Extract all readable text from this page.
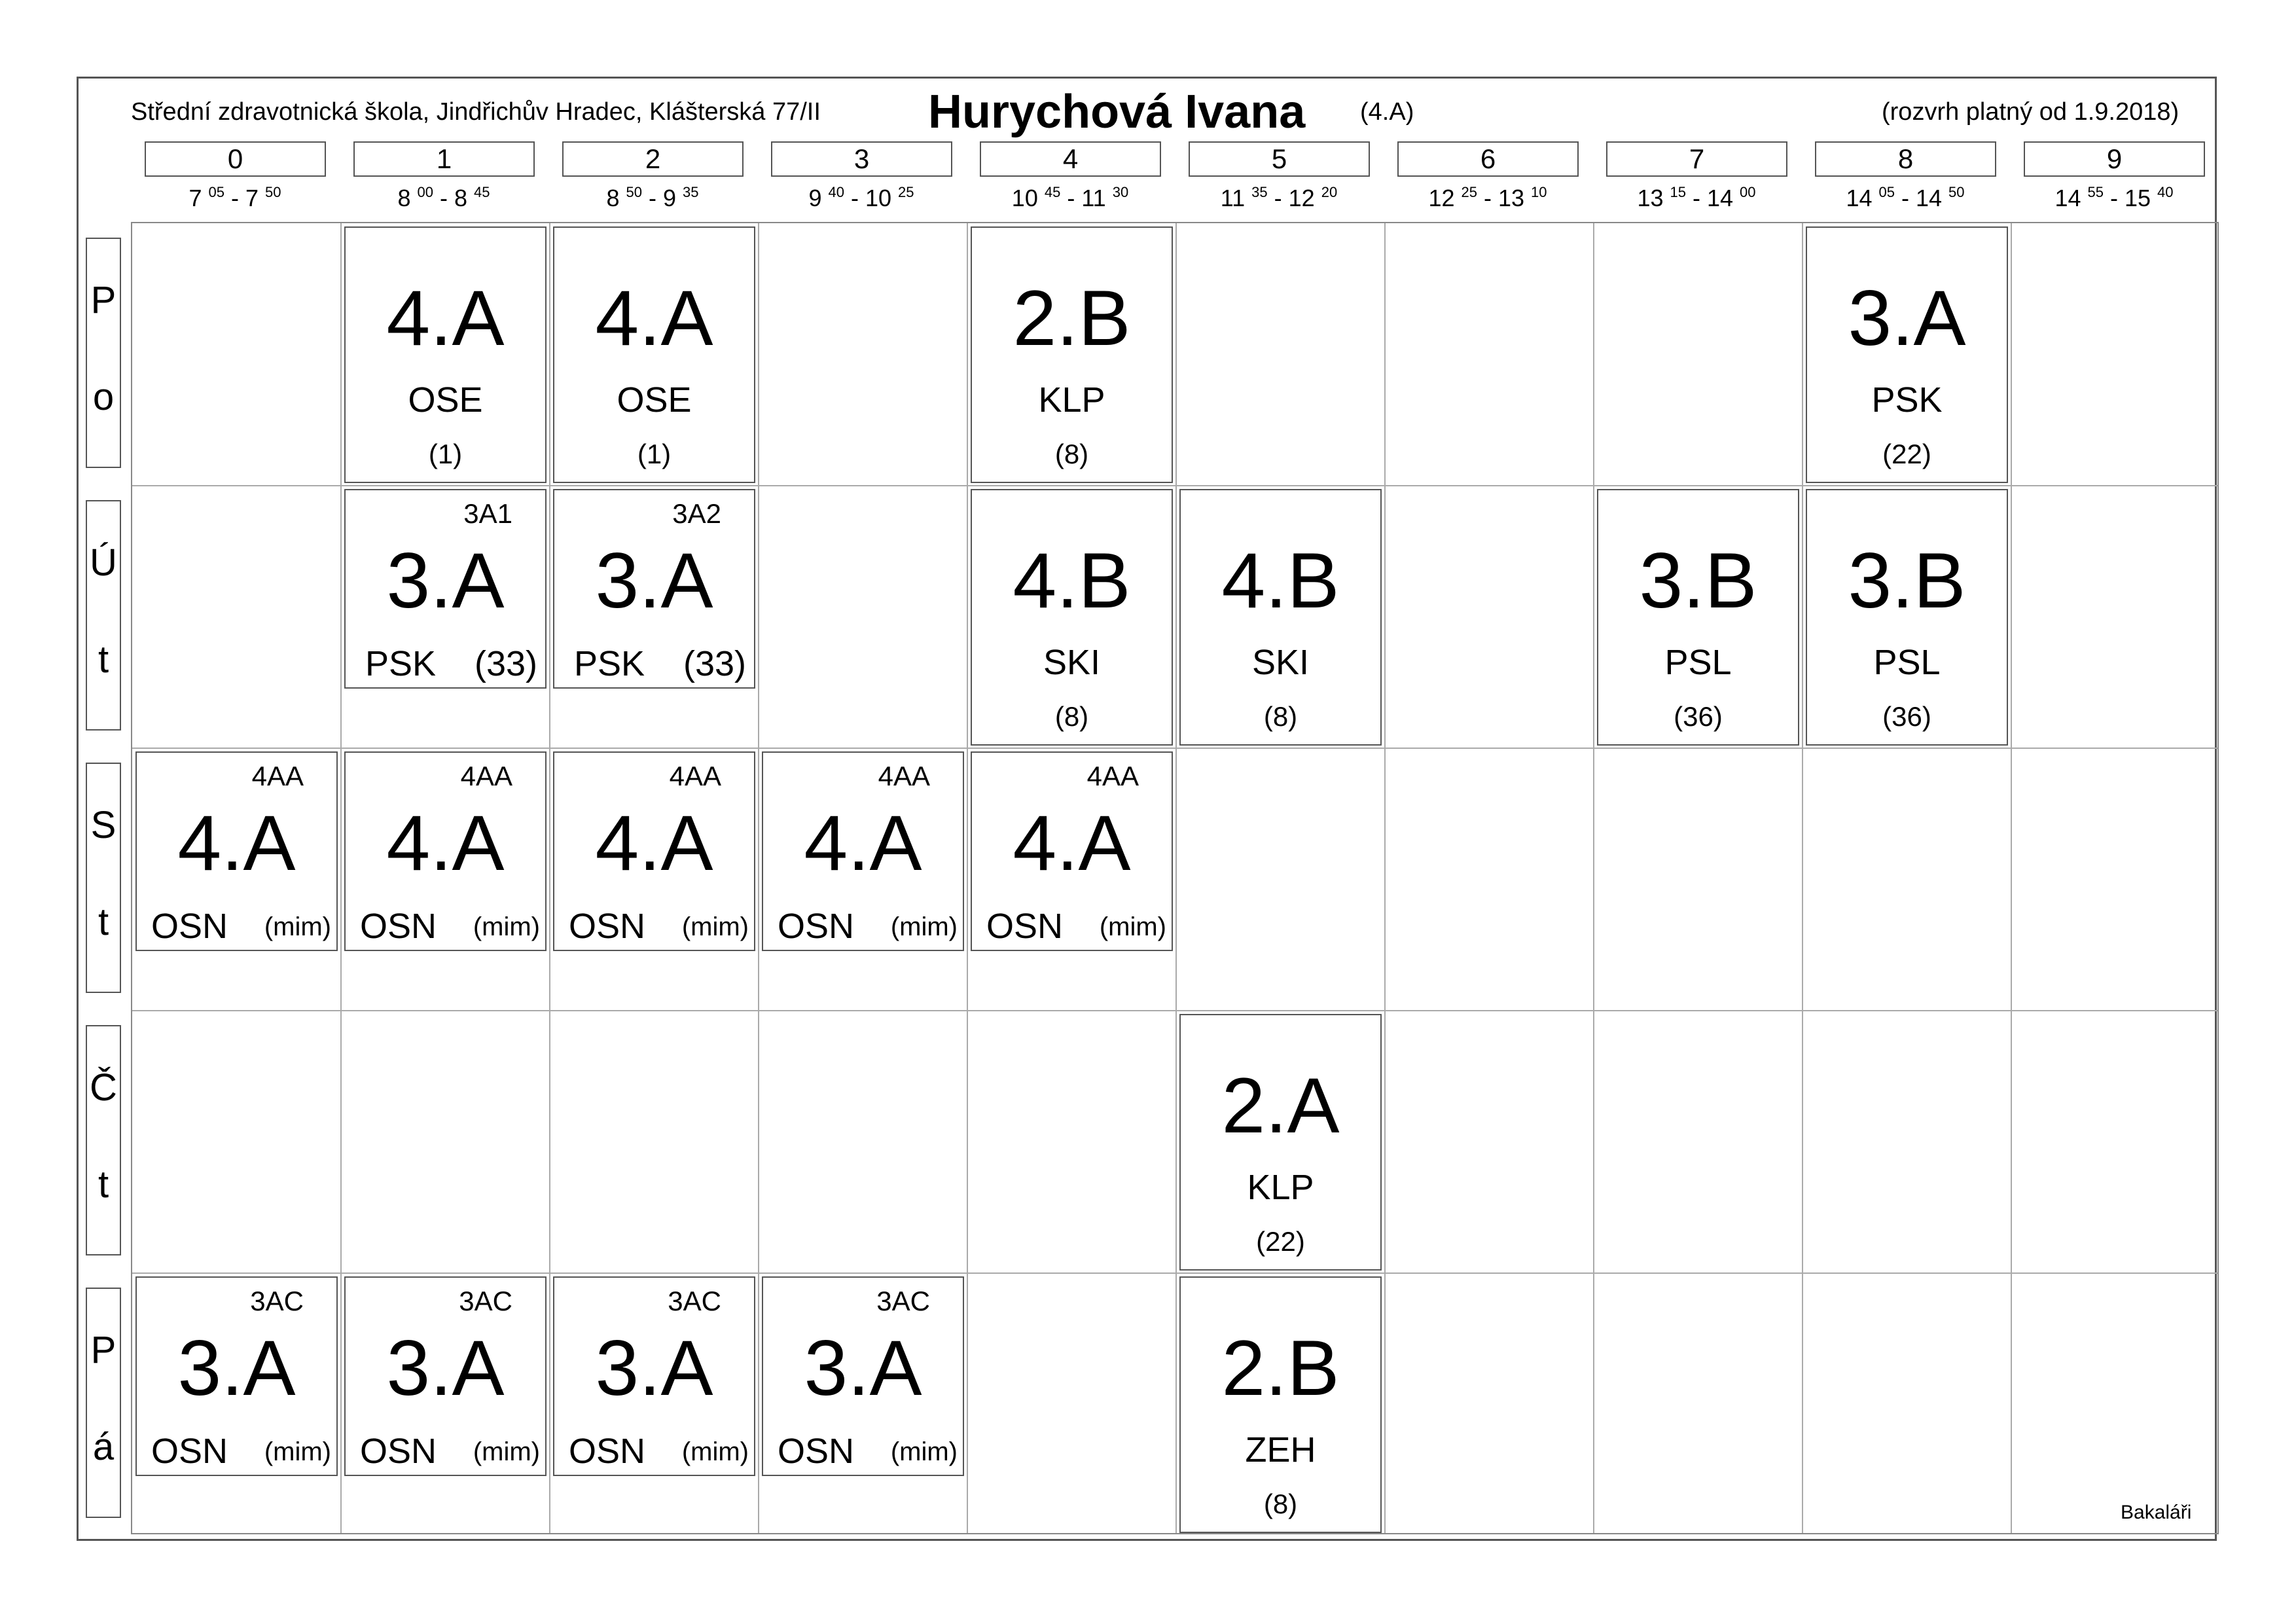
Střední zdravotnická škola, Jindřichův Hradec, Klášterská 77/II Hurychová Ivana (4.A)	(rozvrh platný od 1.9.2018)
0
7 $^{05}$ - 7 $^{50}$
1
8 $^{00}$ - 8 $^{45}$
2
8 $^{50}$ - 9 $^{35}$
3
9 $^{40}$ - 10 $^{25}$
4
10 $^{45}$ - 11 $^{30}$
5
11 $^{35}$ - 12 $^{20}$
6
12 $^{25}$ - 13 $^{10}$
7
13 $^{15}$ - 14 $^{00}$
8
14 $^{05}$ - 14 $^{50}$
9
14 $^{55}$ - 15 $^{40}$
P
o
Ú
t
S
t
Č
t
P
á
4.A
OSE
(1)
4.A
OSE
(1)
2.B
KLP
(8)
3.A
PSK
(22)
3A1
3.A
PSK (33)
3A2
3.A
PSK (33)
4.B
SKI
(8)
4.B
SKI
(8)
3.B
PSL
(36)
3.B
PSL
(36)
4AA
4.A
OSN (mim)
4AA
4.A
OSN (mim)
4AA
4.A
OSN (mim)
4AA
4.A
OSN (mim)
4AA
4.A
OSN (mim)
2.A
KLP
(22)
3AC
3.A
OSN (mim)
3AC
3.A
OSN (mim)
3AC
3.A
OSN (mim)
3AC
3.A
OSN (mim)
2.B
ZEH
(8)	Bakaláři
